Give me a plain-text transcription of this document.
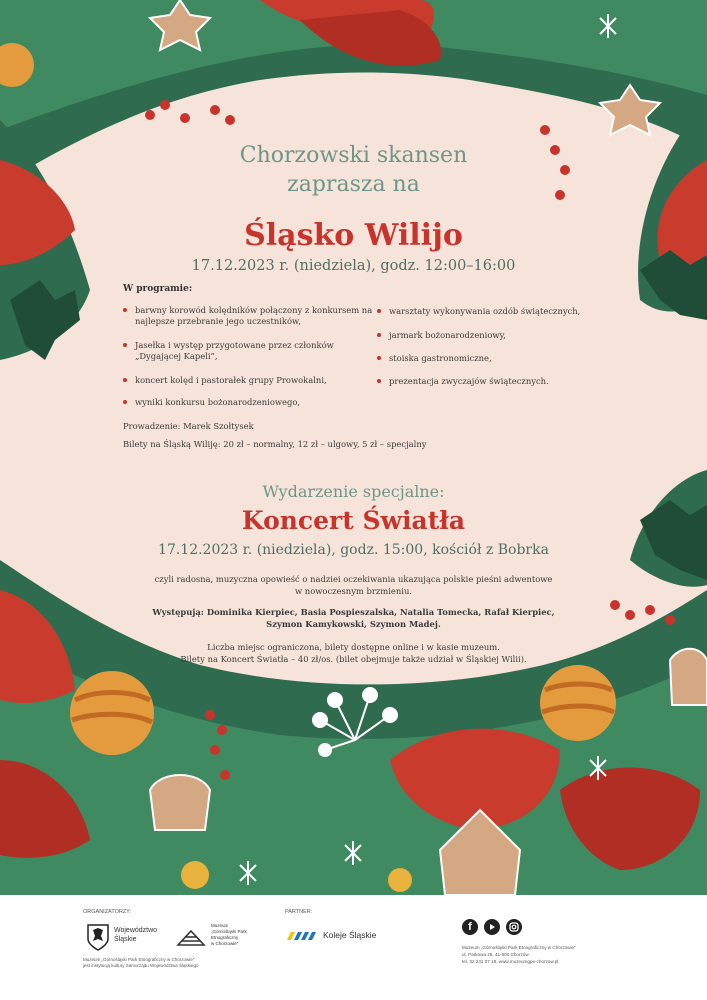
Chorzowski skansen
zaprasza na
Śląsko Wilijo
17.12.2023 r. (niedziela), godz. 12:00–16:00
W programie:
barwny korowód kolędników połączony z konkursem na najlepsze przebranie jego uczestników,
Jasełka i występ przygotowane przez członków „Dygającej Kapeli”,
koncert kolęd i pastorałek grupy Prowokalni,
wyniki konkursu bożonarodzeniowego,
warsztaty wykonywania ozdób świątecznych,
jarmark bożonarodzeniowy,
stoiska gastronomiczne,
prezentacja zwyczajów świątecznych.
Prowadzenie: Marek Szołtysek
Bilety na Śląską Wiliję: 20 zł – normalny, 12 zł – ulgowy, 5 zł – specjalny
Wydarzenie specjalne:
Koncert Światła
17.12.2023 r. (niedziela), godz. 15:00, kościół z Bobrka
czyli radosna, muzyczna opowieść o nadziei oczekiwania ukazująca polskie pieśni adwentowe
w nowoczesnym brzmieniu.
Występują: Dominika Kierpiec, Basia Pospieszalska, Natalia Tomecka, Rafał Kierpiec,
Szymon Kamykowski, Szymon Madej.
Liczba miejsc ograniczona, bilety dostępne online i w kasie muzeum.
Bilety na Koncert Światła – 40 zł/os. (bilet obejmuje także udział w Śląskiej Wilii).
ORGANIZATORZY:
Województwo
Śląskie
Muzeum
„Górnośląski Park
Etnograficzny
w Chorzowie”
Muzeum „Górnośląski Park Etnograficzny w Chorzowie”
jest instytucją kultury Samorządu Województwa Śląskiego
PARTNER:
Koleje Śląskie
f
Muzeum „Górnośląski Park Etnograficzny w Chorzowie”
ul. Parkowa 25, 41-500 Chorzów
tel. 32 241 07 18, www.muzeumgpe-chorzow.pl
